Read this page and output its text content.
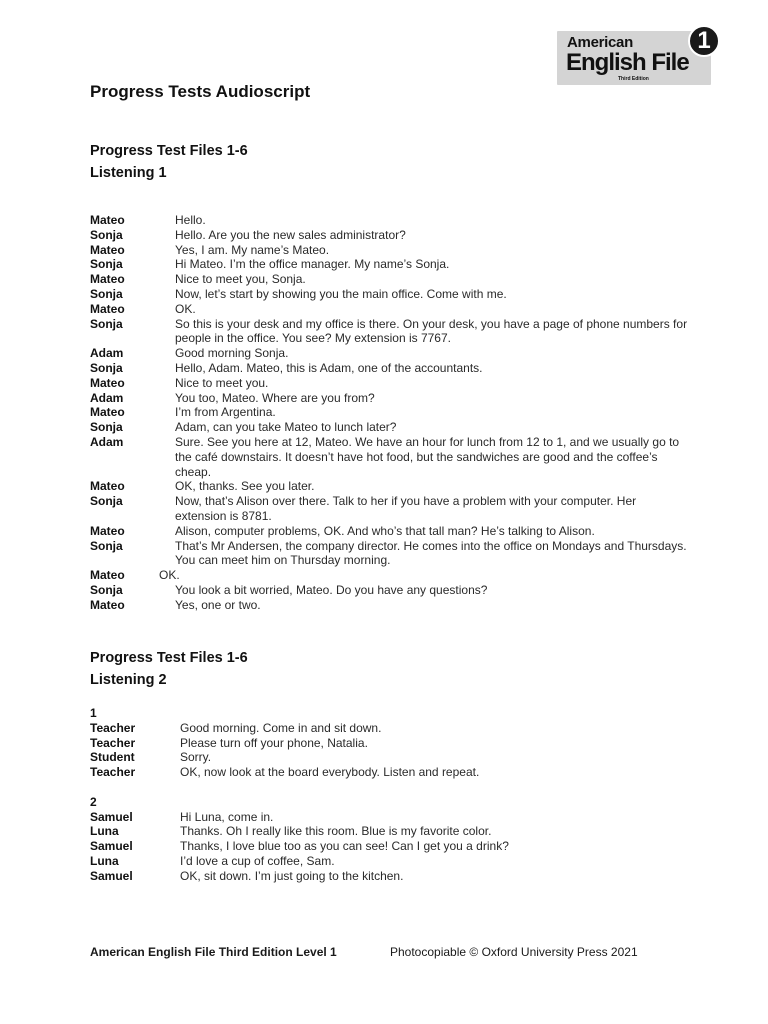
American
English File
Third Edition
1
Progress Tests Audioscript
Progress Test Files 1-6
Listening 1
Mateo	Hello.
Sonja	Hello. Are you the new sales administrator?
Mateo	Yes, I am. My name’s Mateo.
Sonja	Hi Mateo. I’m the office manager. My name’s Sonja.
Mateo	Nice to meet you, Sonja.
Sonja	Now, let’s start by showing you the main office. Come with me.
Mateo	OK.
Sonja	So this is your desk and my office is there. On your desk, you have a page of phone numbers for people in the office. You see? My extension is 7767.
Adam	Good morning Sonja.
Sonja	Hello, Adam. Mateo, this is Adam, one of the accountants.
Mateo	Nice to meet you.
Adam	You too, Mateo. Where are you from?
Mateo	I’m from Argentina.
Sonja	Adam, can you take Mateo to lunch later?
Adam	Sure. See you here at 12, Mateo. We have an hour for lunch from 12 to 1, and we usually go to the café downstairs. It doesn’t have hot food, but the sandwiches are good and the coffee’s cheap.
Mateo	OK, thanks. See you later.
Sonja	Now, that’s Alison over there. Talk to her if you have a problem with your computer. Her extension is 8781.
Mateo	Alison, computer problems, OK. And who’s that tall man? He’s talking to Alison.
Sonja	That’s Mr Andersen, the company director. He comes into the office on Mondays and Thursdays. You can meet him on Thursday morning.
Mateo	OK.
Sonja	You look a bit worried, Mateo. Do you have any questions?
Mateo	Yes, one or two.
Progress Test Files 1-6
Listening 2
1
Teacher	Good morning. Come in and sit down.
Teacher	Please turn off your phone, Natalia.
Student	Sorry.
Teacher	OK, now look at the board everybody. Listen and repeat.
2
Samuel	Hi Luna, come in.
Luna	Thanks. Oh I really like this room. Blue is my favorite color.
Samuel	Thanks, I love blue too as you can see! Can I get you a drink?
Luna	I’d love a cup of coffee, Sam.
Samuel	OK, sit down. I’m just going to the kitchen.
American English File Third Edition Level 1	Photocopiable © Oxford University Press 2021
